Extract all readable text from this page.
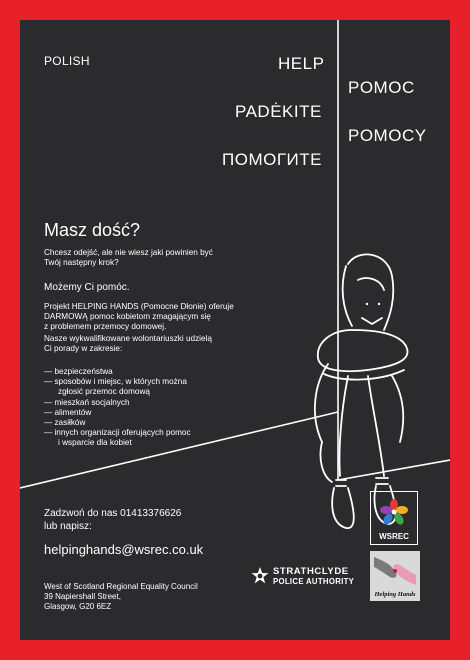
POLISH	HELP
PADĖKITE
ПОМОГИТЕ
POMOC
POMOCY
Masz dość?
Chcesz odejść, ale nie wiesz jaki powinien być
Twój następny krok?
Możemy Ci pomóc.
Projekt HELPING HANDS (Pomocne Dłonie) oferuje
DARMOWĄ pomoc kobietom zmagającym się
z problemem przemocy domowej.
Nasze wykwalifikowane wolontariuszki udzielą
Ci porady w zakresie:
— bezpieczeństwa
— sposobów i miejsc, w których można
zgłosić przemoc domową
— mieszkań socjalnych
— alimentów
— zasiłków
— innych organizacji oferujących pomoc
i wsparcie dla kobiet
Zadzwoń do nas 01413376626
lub napisz:
helpinghands@wsrec.co.uk
West of Scotland Regional Equality Council
39 Napiershall Street,
Glasgow, G20 6EZ
WSREC
STRATHCLYDE
POLICE AUTHORITY
Helping Hands
